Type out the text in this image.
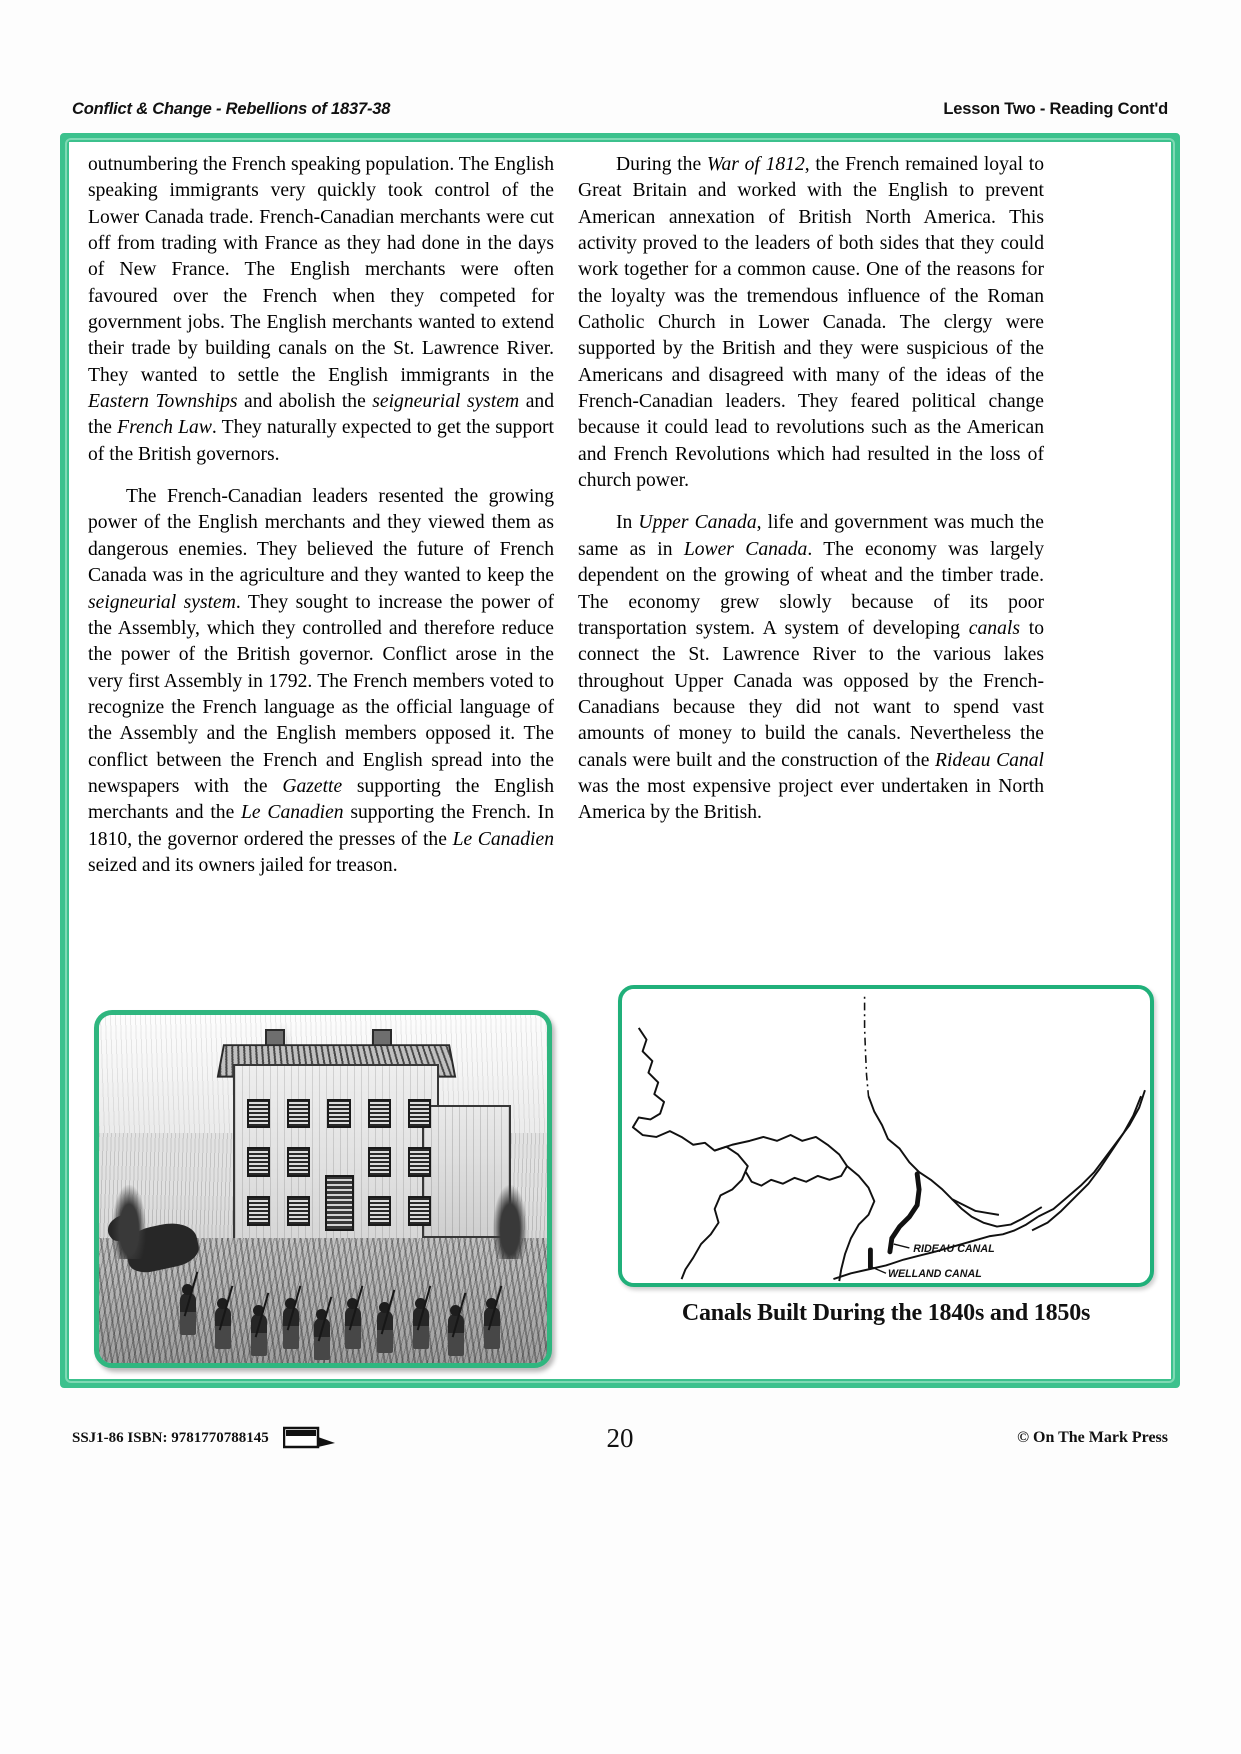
Conflict & Change - Rebellions of 1837-38	Lesson Two - Reading Cont'd

outnumbering the French speaking population. The English speaking immigrants very quickly took control of the Lower Canada trade. French-Canadian merchants were cut off from trading with France as they had done in the days of New France. The English merchants were often favoured over the French when they competed for government jobs. The English merchants wanted to extend their trade by building canals on the St. Lawrence River. They wanted to settle the English immigrants in the Eastern Townships and abolish the seigneurial system and the French Law. They naturally expected to get the support of the British governors.

The French-Canadian leaders resented the growing power of the English merchants and they viewed them as dangerous enemies. They believed the future of French Canada was in the agriculture and they wanted to keep the seigneurial system. They sought to increase the power of the Assembly, which they controlled and therefore reduce the power of the British governor. Conflict arose in the very first Assembly in 1792. The French members voted to recognize the French language as the official language of the Assembly and the English members opposed it. The conflict between the French and English spread into the newspapers with the Gazette supporting the English merchants and the Le Canadien supporting the French. In 1810, the governor ordered the presses of the Le Canadien seized and its owners jailed for treason.

During the War of 1812, the French remained loyal to Great Britain and worked with the English to prevent American annexation of British North America. This activity proved to the leaders of both sides that they could work together for a common cause. One of the reasons for the loyalty was the tremendous influence of the Roman Catholic Church in Lower Canada. The clergy were supported by the British and they were suspicious of the Americans and disagreed with many of the ideas of the French-Canadian leaders. They feared political change because it could lead to revolutions such as the American and French Revolutions which had resulted in the loss of church power.

In Upper Canada, life and government was much the same as in Lower Canada. The economy was largely dependent on the growing of wheat and the timber trade. The economy grew slowly because of its poor transportation system. A system of developing canals to connect the St. Lawrence River to the various lakes throughout Upper Canada was opposed by the French-Canadians because they did not want to spend vast amounts of money to build the canals. Nevertheless the canals were built and the construction of the Rideau Canal was the most expensive project ever undertaken in North America by the British.

RIDEAU CANAL
WELLAND CANAL
Canals Built During the 1840s and 1850s
SSJ1-86 ISBN: 9781770788145	20	© On The Mark Press
